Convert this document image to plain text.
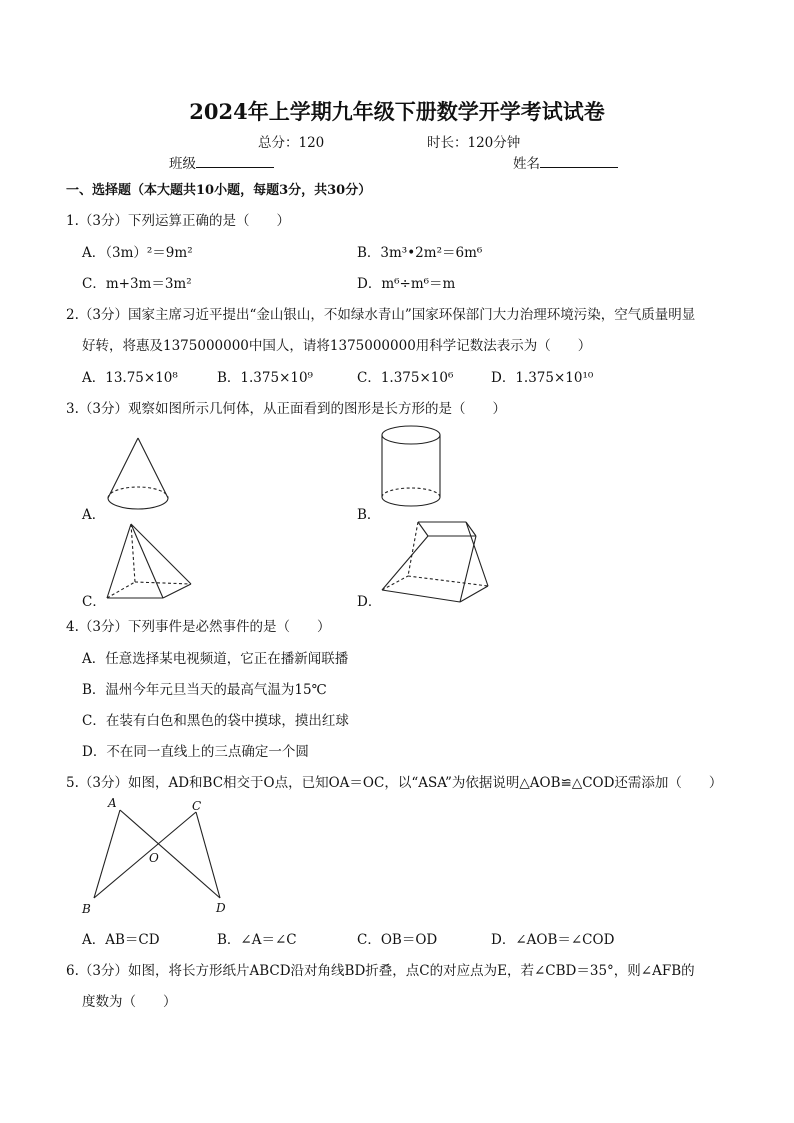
2024年上学期九年级下册数学开学考试试卷
总分：120	时长：120分钟
班级	姓名
一、选择题（本大题共10小题，每题3分，共30分）
1.（3分）下列运算正确的是（　　）
A．（3m）²＝9m²	B．3m³•2m²＝6m⁶
C．m+3m＝3m²	D．m⁶÷m⁶＝m
2.（3分）国家主席习近平提出“金山银山，不如绿水青山”国家环保部门大力治理环境污染，空气质量明显
好转，将惠及1375000000中国人，请将1375000000用科学记数法表示为（　　）
A．13.75×10⁸	B．1.375×10⁹	C．1.375×10⁶	D．1.375×10¹⁰
3.（3分）观察如图所示几何体，从正面看到的图形是长方形的是（　　）
A．	B．
C．	D．
4.（3分）下列事件是必然事件的是（　　）
A．任意选择某电视频道，它正在播新闻联播
B．温州今年元旦当天的最高气温为15℃
C．在装有白色和黑色的袋中摸球，摸出红球
D．不在同一直线上的三点确定一个圆
5.（3分）如图，AD和BC相交于O点，已知OA＝OC，以“ASA”为依据说明△AOB≌△COD还需添加（　　）
A	C
O
B	D
A．AB＝CD	B．∠A＝∠C	C．OB＝OD	D．∠AOB＝∠COD
6.（3分）如图，将长方形纸片ABCD沿对角线BD折叠，点C的对应点为E，若∠CBD＝35°，则∠AFB的
度数为（　　）
